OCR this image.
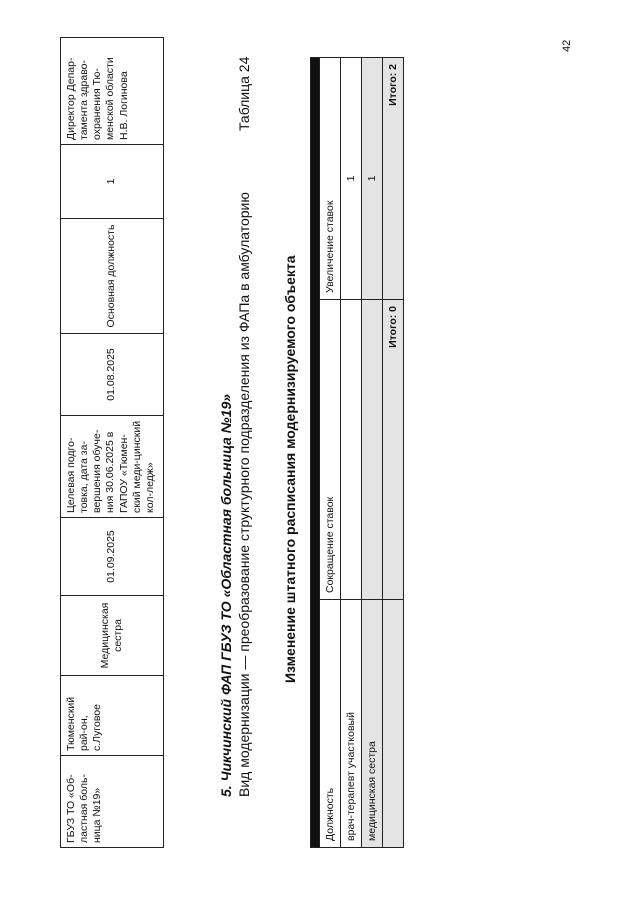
42
ГБУЗ ТО «Об-ластная боль-ница №19»	Тюменский рай-он, с.Луговое	Медицинская сестра	01.09.2025	Целевая подго-товка, дата за-вершения обуче-ния 30.06.2025 в ГАПОУ «Тюмен-ский меди-цинский кол-ледж»	01.08.2025	Основная должность	1	Директор Депар-тамента здраво-охранения Тю-менской области Н.В. Логинова
5. Чикчинский ФАП ГБУЗ ТО «Областная больница №19» Вид модернизации — преобразование структурного подразделения из ФАПа в амбулаторию
Таблица 24
Изменение штатного расписания модернизируемого объекта

Должность	Сокращение ставок	Увеличение ставок
врач-терапевт участковый		1
медицинская сестра		1
	Итого: 0	Итого: 2
